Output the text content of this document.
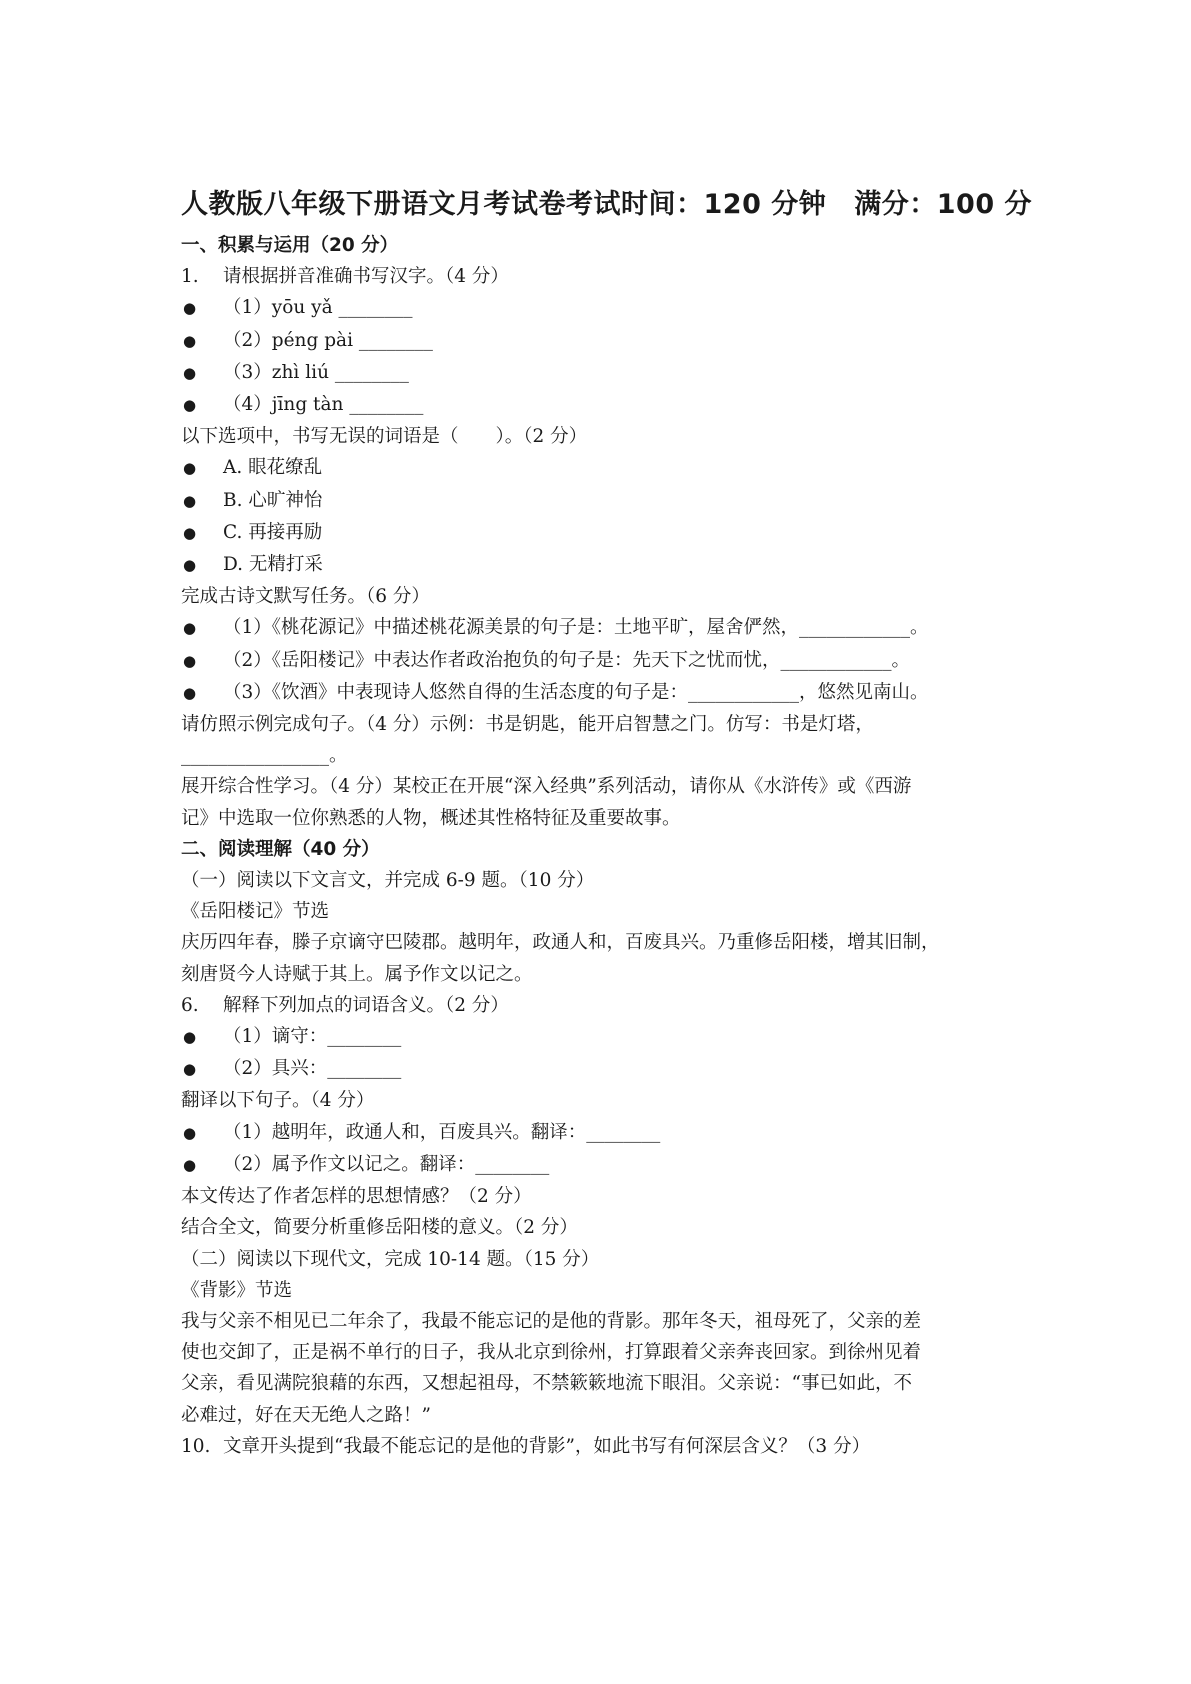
人教版八年级下册语文月考试卷考试时间：120 分钟 满分：100 分

一、积累与运用（20 分）

1. 请根据拼音准确书写汉字。（4 分）

● （1）yōu yǎ ________

● （2）péng pài ________

● （3）zhì liú ________

● （4）jīng tàn ________

以下选项中，书写无误的词语是（　　）。（2 分）

● A. 眼花缭乱

● B. 心旷神怡

● C. 再接再励

● D. 无精打采

完成古诗文默写任务。（6 分）

● （1）《桃花源记》中描述桃花源美景的句子是：土地平旷，屋舍俨然，____________。

● （2）《岳阳楼记》中表达作者政治抱负的句子是：先天下之忧而忧，____________。

● （3）《饮酒》中表现诗人悠然自得的生活态度的句子是：____________，悠然见南山。

请仿照示例完成句子。（4 分）示例：书是钥匙，能开启智慧之门。仿写：书是灯塔，

________________。

展开综合性学习。（4 分）某校正在开展“深入经典”系列活动，请你从《水浒传》或《西游

记》中选取一位你熟悉的人物，概述其性格特征及重要故事。

二、阅读理解（40 分）

（一）阅读以下文言文，并完成 6-9 题。（10 分）

《岳阳楼记》节选

庆历四年春，滕子京谪守巴陵郡。越明年，政通人和，百废具兴。乃重修岳阳楼，增其旧制，

刻唐贤今人诗赋于其上。属予作文以记之。

6. 解释下列加点的词语含义。（2 分）

● （1）谪守：________

● （2）具兴：________

翻译以下句子。（4 分）

● （1）越明年，政通人和，百废具兴。翻译：________

● （2）属予作文以记之。翻译：________

本文传达了作者怎样的思想情感？（2 分）

结合全文，简要分析重修岳阳楼的意义。（2 分）

（二）阅读以下现代文，完成 10-14 题。（15 分）

《背影》节选

我与父亲不相见已二年余了，我最不能忘记的是他的背影。那年冬天，祖母死了，父亲的差

使也交卸了，正是祸不单行的日子，我从北京到徐州，打算跟着父亲奔丧回家。到徐州见着

父亲，看见满院狼藉的东西，又想起祖母，不禁簌簌地流下眼泪。父亲说：“事已如此，不

必难过，好在天无绝人之路！”

10. 文章开头提到“我最不能忘记的是他的背影”，如此书写有何深层含义？（3 分）
